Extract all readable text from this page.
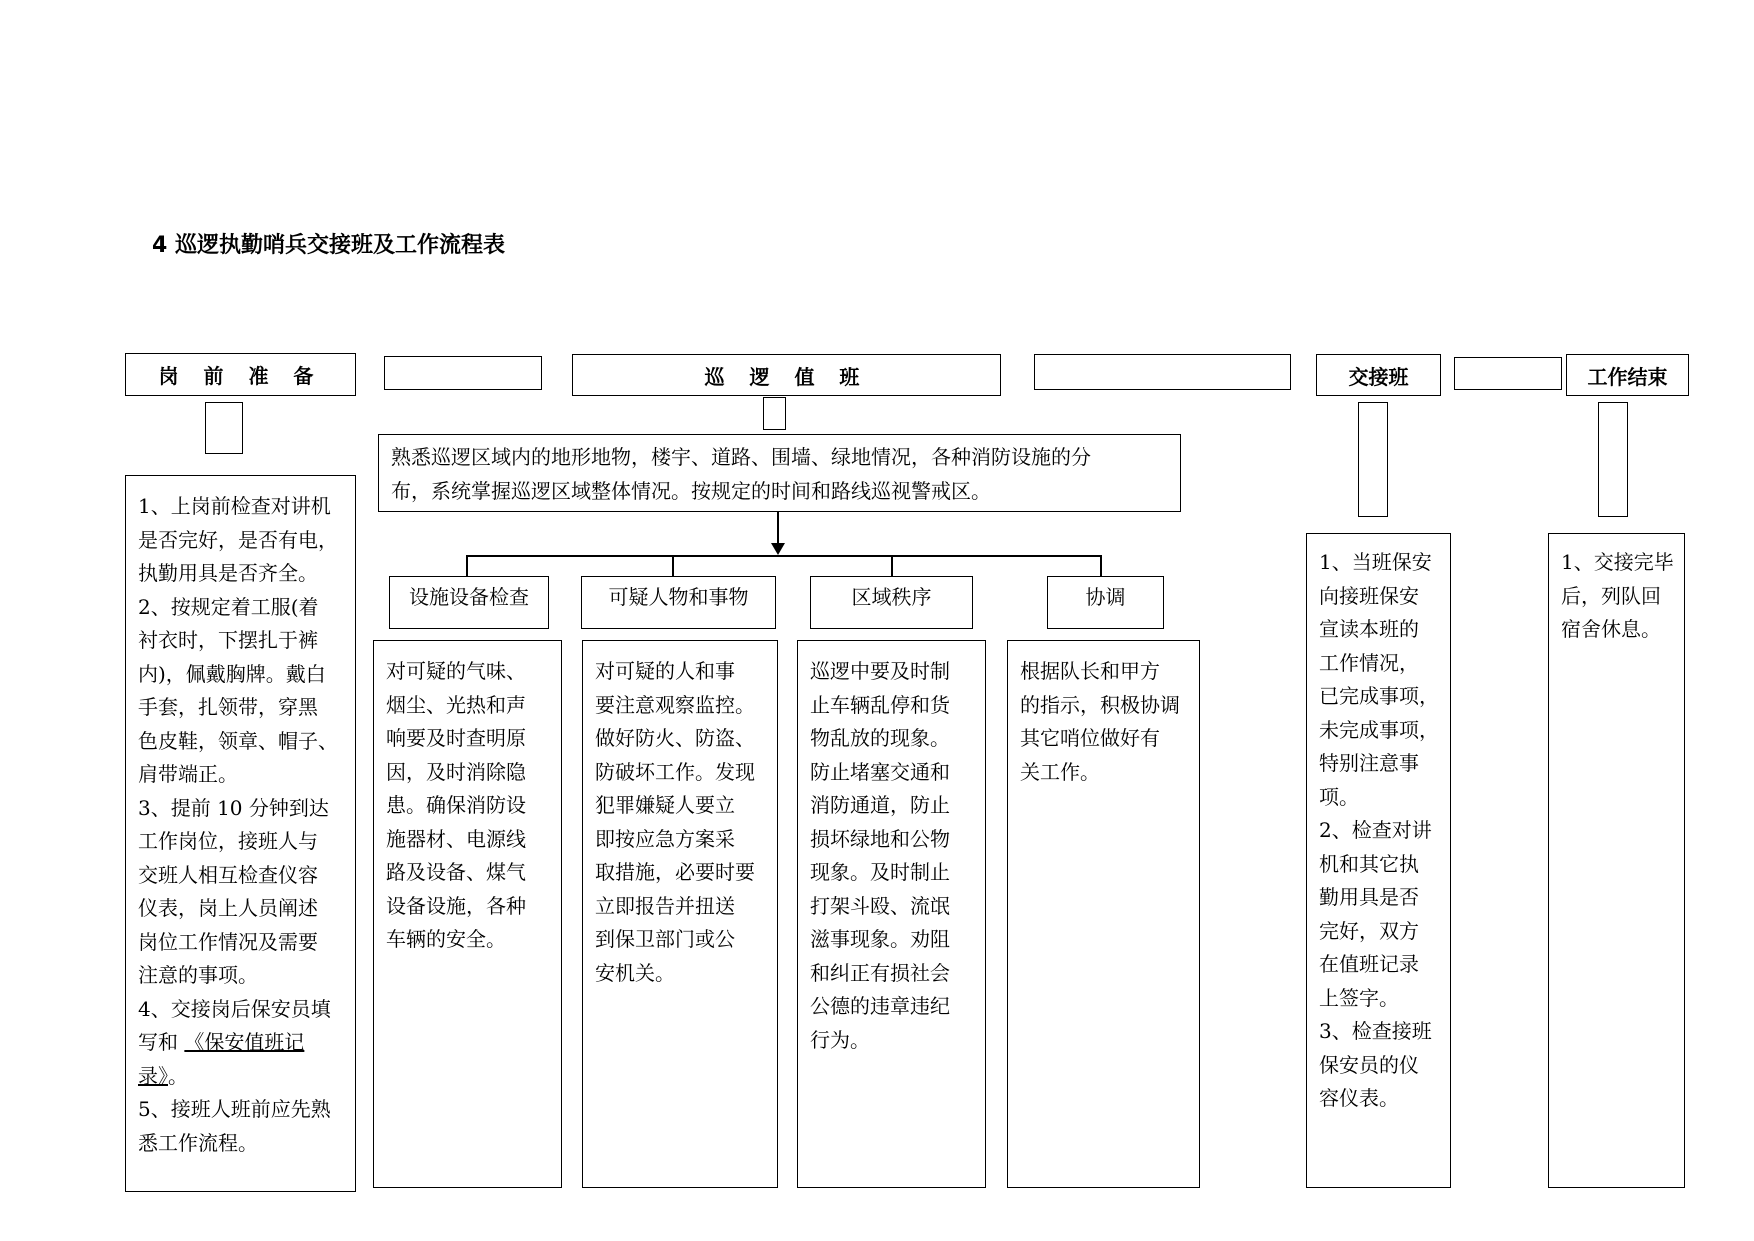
4 巡逻执勤哨兵交接班及工作流程表
岗 前 准 备	巡 逻 值 班	交接班	工作结束
1、上岗前检查对讲机
是否完好，是否有电，
执勤用具是否齐全。
2、按规定着工服(着
衬衣时，下摆扎于裤
内)，佩戴胸牌。戴白
手套，扎领带，穿黑
色皮鞋，领章、帽子、
肩带端正。
3、提前 10 分钟到达
工作岗位，接班人与
交班人相互检查仪容
仪表，岗上人员阐述
岗位工作情况及需要
注意的事项。
4、交接岗后保安员填
写和 《保安值班记
录》。
5、接班人班前应先熟
悉工作流程。
熟悉巡逻区域内的地形地物，楼宇、道路、围墙、绿地情况，各种消防设施的分
布，系统掌握巡逻区域整体情况。按规定的时间和路线巡视警戒区。
设施设备检查	可疑人物和事物	区域秩序	协调
对可疑的气味、
烟尘、光热和声
响要及时查明原
因，及时消除隐
患。确保消防设
施器材、电源线
路及设备、煤气
设备设施，各种
车辆的安全。
对可疑的人和事
要注意观察监控。
做好防火、防盗、
防破坏工作。发现
犯罪嫌疑人要立
即按应急方案采
取措施，必要时要
立即报告并扭送
到保卫部门或公
安机关。
巡逻中要及时制
止车辆乱停和货
物乱放的现象。
防止堵塞交通和
消防通道，防止
损坏绿地和公物
现象。及时制止
打架斗殴、流氓
滋事现象。劝阻
和纠正有损社会
公德的违章违纪
行为。
根据队长和甲方
的指示，积极协调
其它哨位做好有
关工作。
1、当班保安
向接班保安
宣读本班的
工作情况，
已完成事项，
未完成事项，
特别注意事
项。
2、检查对讲
机和其它执
勤用具是否
完好，双方
在值班记录
上签字。
3、检查接班
保安员的仪
容仪表。
1、交接完毕
后，列队回
宿舍休息。
